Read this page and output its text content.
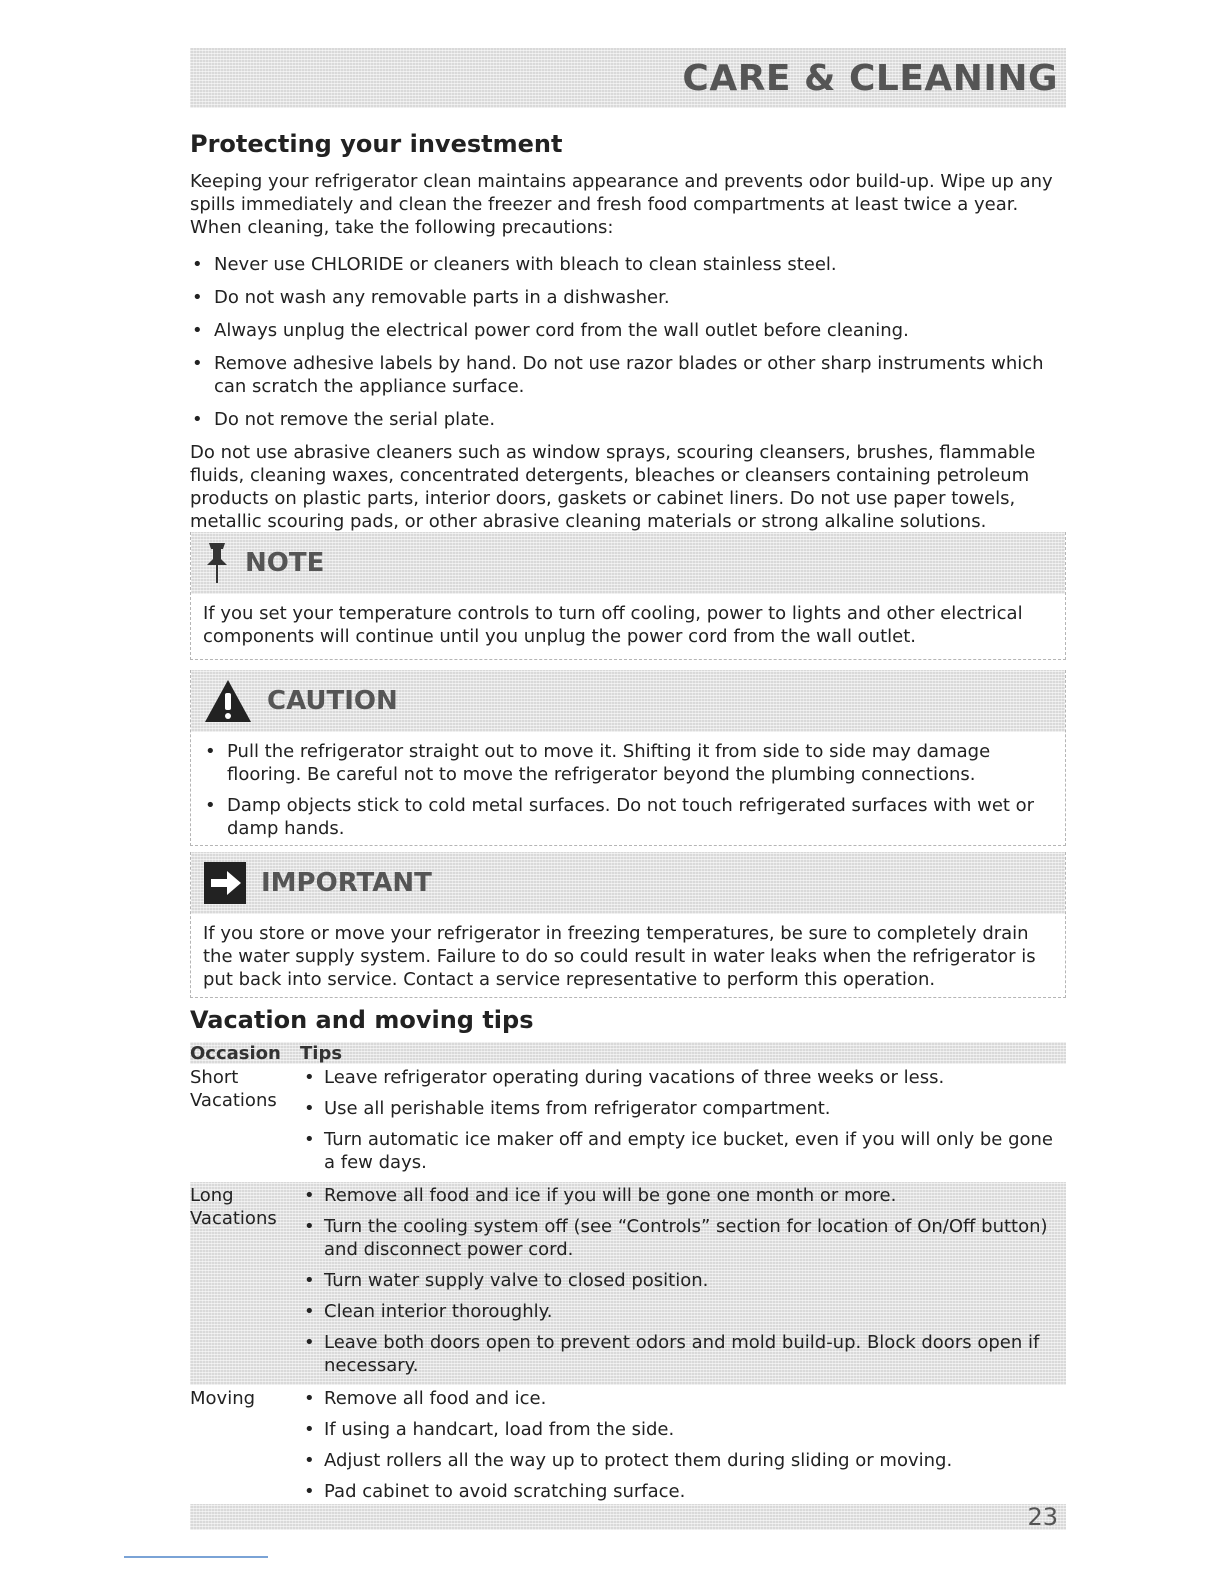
CARE & CLEANING
Protecting your investment

Keeping your refrigerator clean maintains appearance and prevents odor build-up. Wipe up any spills immediately and clean the freezer and fresh food compartments at least twice a year. When cleaning, take the following precautions:

• Never use CHLORIDE or cleaners with bleach to clean stainless steel.
• Do not wash any removable parts in a dishwasher.
• Always unplug the electrical power cord from the wall outlet before cleaning.
• Remove adhesive labels by hand. Do not use razor blades or other sharp instruments which can scratch the appliance surface.
• Do not remove the serial plate.

Do not use abrasive cleaners such as window sprays, scouring cleansers, brushes, flammable fluids, cleaning waxes, concentrated detergents, bleaches or cleansers containing petroleum products on plastic parts, interior doors, gaskets or cabinet liners. Do not use paper towels, metallic scouring pads, or other abrasive cleaning materials or strong alkaline solutions.

NOTE
If you set your temperature controls to turn off cooling, power to lights and other electrical components will continue until you unplug the power cord from the wall outlet.
CAUTION
• Pull the refrigerator straight out to move it. Shifting it from side to side may damage flooring. Be careful not to move the refrigerator beyond the plumbing connections.
• Damp objects stick to cold metal surfaces. Do not touch refrigerated surfaces with wet or damp hands.
IMPORTANT
If you store or move your refrigerator in freezing temperatures, be sure to completely drain the water supply system. Failure to do so could result in water leaks when the refrigerator is put back into service. Contact a service representative to perform this operation.
Vacation and moving tips
Occasion	Tips
Short Vacations
• Leave refrigerator operating during vacations of three weeks or less.
• Use all perishable items from refrigerator compartment.
• Turn automatic ice maker off and empty ice bucket, even if you will only be gone a few days.
Long Vacations
• Remove all food and ice if you will be gone one month or more.
• Turn the cooling system off (see “Controls” section for location of On/Off button) and disconnect power cord.
• Turn water supply valve to closed position.
• Clean interior thoroughly.
• Leave both doors open to prevent odors and mold build-up. Block doors open if necessary.
Moving	• Remove all food and ice.
• If using a handcart, load from the side.
• Adjust rollers all the way up to protect them during sliding or moving.
• Pad cabinet to avoid scratching surface.
23
